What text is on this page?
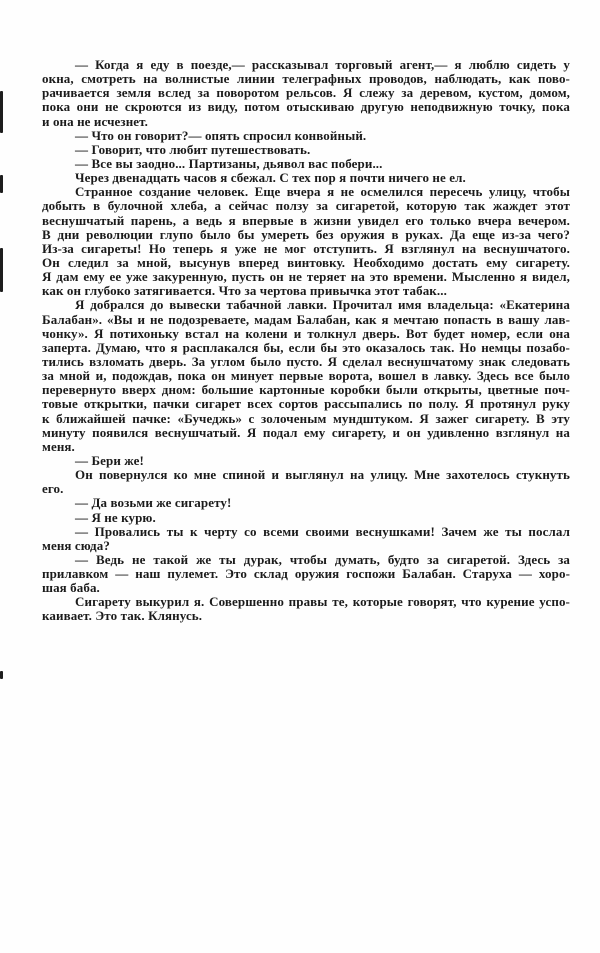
— Когда я еду в поезде,— рассказывал торговый агент,— я люблю сидеть у
окна, смотреть на волнистые линии телеграфных проводов, наблюдать, как пово-
рачивается земля вслед за поворотом рельсов. Я слежу за деревом, кустом, домом,
пока они не скроются из виду, потом отыскиваю другую неподвижную точку, пока
и она не исчезнет.

— Что он говорит?— опять спросил конвойный.

— Говорит, что любит путешествовать.

— Все вы заодно... Партизаны, дьявол вас побери...

Через двенадцать часов я сбежал. С тех пор я почти ничего не ел.

Странное создание человек. Еще вчера я не осмелился пересечь улицу, чтобы
добыть в булочной хлеба, а сейчас ползу за сигаретой, которую так жаждет этот
веснушчатый парень, а ведь я впервые в жизни увидел его только вчера вечером.
В дни революции глупо было бы умереть без оружия в руках. Да еще из-за чего?
Из-за сигареты! Но теперь я уже не мог отступить. Я взглянул на веснушчатого.
Он следил за мной, высунув вперед винтовку. Необходимо достать ему сигарету.
Я дам ему ее уже закуренную, пусть он не теряет на это времени. Мысленно я видел,
как он глубоко затягивается. Что за чертова привычка этот табак...

Я добрался до вывески табачной лавки. Прочитал имя владельца: «Екатерина
Балабан». «Вы и не подозреваете, мадам Балабан, как я мечтаю попасть в вашу лав-
чонку». Я потихоньку встал на колени и толкнул дверь. Вот будет номер, если она
заперта. Думаю, что я расплакался бы, если бы это оказалось так. Но немцы позабо-
тились взломать дверь. За углом было пусто. Я сделал веснушчатому знак следовать
за мной и, подождав, пока он минует первые ворота, вошел в лавку. Здесь все было
перевернуто вверх дном: большие картонные коробки были открыты, цветные поч-
товые открытки, пачки сигарет всех сортов рассыпались по полу. Я протянул руку
к ближайшей пачке: «Бучеджь» с золоченым мундштуком. Я зажег сигарету. В эту
минуту появился веснушчатый. Я подал ему сигарету, и он удивленно взглянул на
меня.

— Бери же!

Он повернулся ко мне спиной и выглянул на улицу. Мне захотелось стукнуть
его.

— Да возьми же сигарету!

— Я не курю.

— Провались ты к черту со всеми своими веснушками! Зачем же ты послал
меня сюда?

— Ведь не такой же ты дурак, чтобы думать, будто за сигаретой. Здесь за
прилавком — наш пулемет. Это склад оружия госпожи Балабан. Старуха — хоро-
шая баба.

Сигарету выкурил я. Совершенно правы те, которые говорят, что курение успо-
каивает. Это так. Клянусь.
